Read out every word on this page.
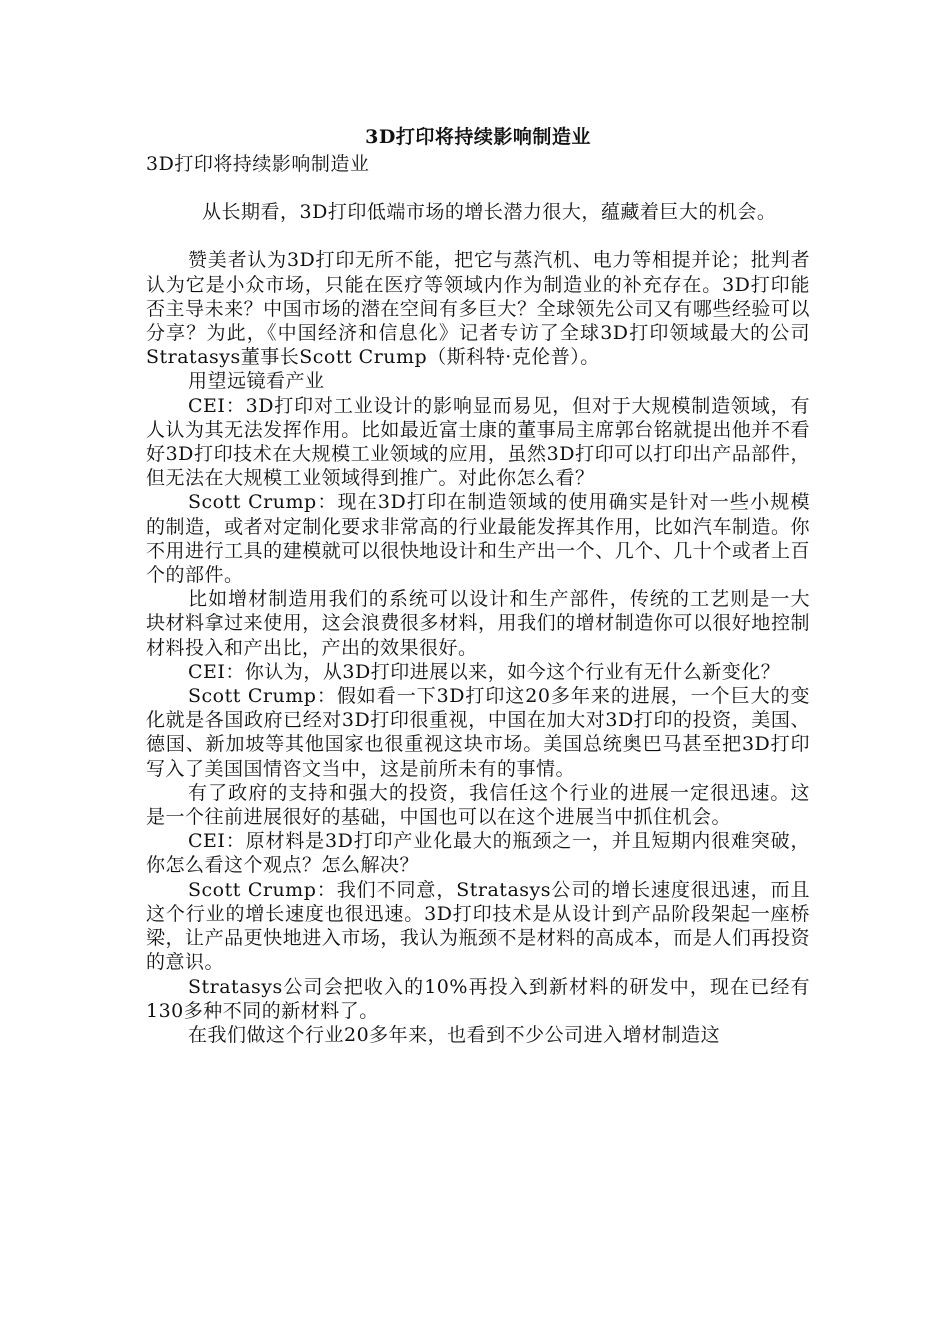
3D打印将持续影响制造业

3D打印将持续影响制造业

从长期看，3D打印低端市场的增长潜力很大，蕴藏着巨大的机会。

赞美者认为3D打印无所不能，把它与蒸汽机、电力等相提并论；批判者认为它是小众市场，只能在医疗等领域内作为制造业的补充存在。3D打印能否主导未来？中国市场的潜在空间有多巨大？全球领先公司又有哪些经验可以分享？为此，《中国经济和信息化》记者专访了全球3D打印领域最大的公司Stratasys董事长Scott Crump（斯科特·克伦普）。

用望远镜看产业

CEI：3D打印对工业设计的影响显而易见，但对于大规模制造领域，有人认为其无法发挥作用。比如最近富士康的董事局主席郭台铭就提出他并不看好3D打印技术在大规模工业领域的应用，虽然3D打印可以打印出产品部件，但无法在大规模工业领域得到推广。对此你怎么看？

Scott Crump：现在3D打印在制造领域的使用确实是针对一些小规模的制造，或者对定制化要求非常高的行业最能发挥其作用，比如汽车制造。你不用进行工具的建模就可以很快地设计和生产出一个、几个、几十个或者上百个的部件。

比如增材制造用我们的系统可以设计和生产部件，传统的工艺则是一大块材料拿过来使用，这会浪费很多材料，用我们的增材制造你可以很好地控制材料投入和产出比，产出的效果很好。

CEI：你认为，从3D打印进展以来，如今这个行业有无什么新变化？

Scott Crump：假如看一下3D打印这20多年来的进展，一个巨大的变化就是各国政府已经对3D打印很重视，中国在加大对3D打印的投资，美国、德国、新加坡等其他国家也很重视这块市场。美国总统奥巴马甚至把3D打印写入了美国国情咨文当中，这是前所未有的事情。

有了政府的支持和强大的投资，我信任这个行业的进展一定很迅速。这是一个往前进展很好的基础，中国也可以在这个进展当中抓住机会。

CEI：原材料是3D打印产业化最大的瓶颈之一，并且短期内很难突破，你怎么看这个观点？怎么解决？

Scott Crump：我们不同意，Stratasys公司的增长速度很迅速，而且这个行业的增长速度也很迅速。3D打印技术是从设计到产品阶段架起一座桥梁，让产品更快地进入市场，我认为瓶颈不是材料的高成本，而是人们再投资的意识。

Stratasys公司会把收入的10%再投入到新材料的研发中，现在已经有130多种不同的新材料了。

在我们做这个行业20多年来，也看到不少公司进入增材制造这
